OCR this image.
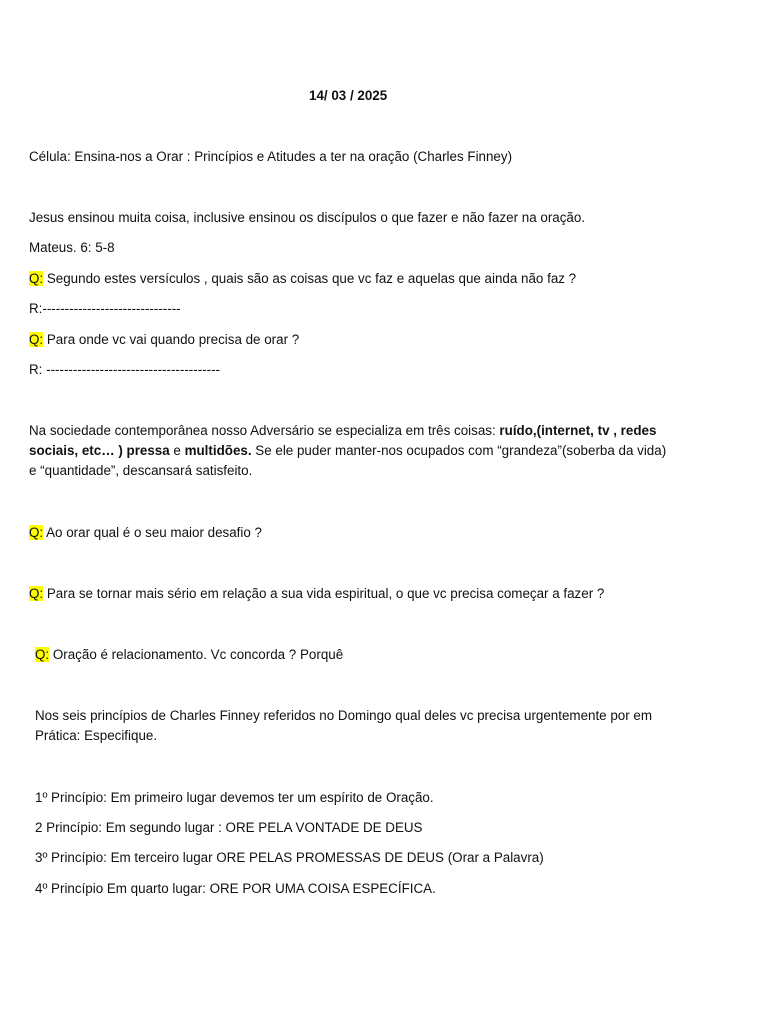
14/ 03 / 2025
Célula: Ensina-nos a Orar : Princípios e Atitudes a ter na oração (Charles Finney)
Jesus ensinou muita coisa, inclusive ensinou os discípulos o que fazer e não fazer na oração.
Mateus. 6: 5-8
Q: Segundo estes versículos , quais são as coisas que vc faz e aquelas que ainda não faz ?
R:-------------------------------
Q: Para onde vc vai quando precisa de orar ?
R: ---------------------------------------
Na sociedade contemporânea nosso Adversário se especializa em três coisas: ruído,(internet, tv , redes sociais, etc… ) pressa e multidões. Se ele puder manter-nos ocupados com “grandeza”(soberba da vida) e “quantidade”, descansará satisfeito.
Q: Ao orar qual é o seu maior desafio ?
Q: Para se tornar mais sério em relação a sua vida espiritual, o que vc precisa começar a fazer ?
Q: Oração é relacionamento. Vc concorda ? Porquê
Nos seis princípios de Charles Finney referidos no Domingo qual deles vc precisa urgentemente por em Prática: Especifique.
1º Princípio: Em primeiro lugar devemos ter um espírito de Oração.
2 Princípio: Em segundo lugar : ORE PELA VONTADE DE DEUS
3º Princípio: Em terceiro lugar ORE PELAS PROMESSAS DE DEUS (Orar a Palavra)
4º Princípio Em quarto lugar: ORE POR UMA COISA ESPECÍFICA.
